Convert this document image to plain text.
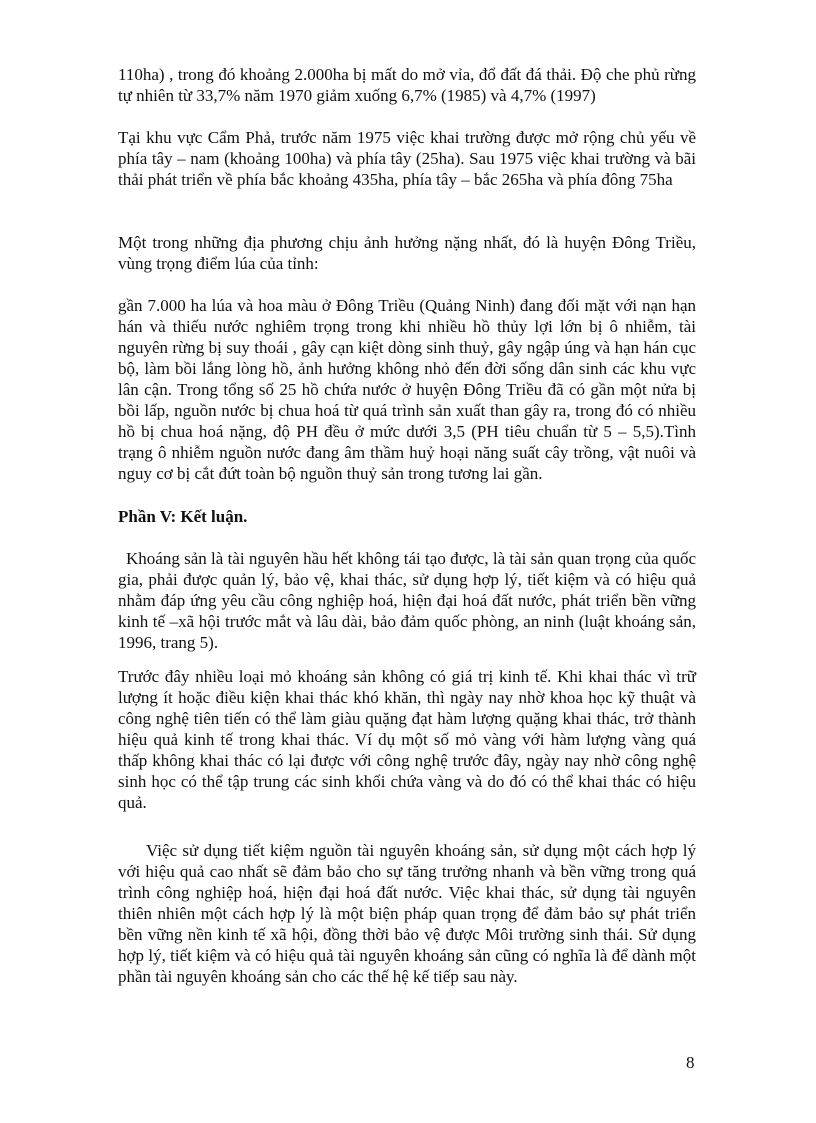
110ha) , trong đó khoảng 2.000ha bị mất do mở vỉa, đổ đất đá thải. Độ che phủ rừng tự nhiên từ 33,7% năm 1970 giảm xuống 6,7% (1985) và 4,7% (1997)

Tại khu vực Cẩm Phả, trước năm 1975 việc khai trường được mở rộng chủ yếu về phía tây – nam (khoảng 100ha) và phía tây (25ha). Sau 1975 việc khai trường và bãi thải phát triển về phía bắc khoảng 435ha, phía tây – bắc 265ha và phía đông 75ha

Một trong những địa phương chịu ảnh hưởng nặng nhất, đó là huyện Đông Triều, vùng trọng điểm lúa của tỉnh:

gần 7.000 ha lúa và hoa màu ở Đông Triều (Quảng Ninh) đang đối mặt với nạn hạn hán và thiếu nước nghiêm trọng trong khi nhiều hồ thủy lợi lớn bị ô nhiễm, tài nguyên rừng bị suy thoái , gây cạn kiệt dòng sinh thuỷ, gây ngập úng và hạn hán cục bộ, làm bồi lắng lòng hồ, ảnh hưởng không nhỏ đến đời sống dân sinh các khu vực lân cận. Trong tổng số 25 hồ chứa nước ở huyện Đông Triều đã có gần một nửa bị bồi lấp, nguồn nước bị chua hoá từ quá trình sản xuất than gây ra, trong đó có nhiều hồ bị chua hoá nặng, độ PH đều ở mức dưới 3,5 (PH tiêu chuẩn từ 5 – 5,5).Tình trạng ô nhiễm nguồn nước đang âm thầm huỷ hoại năng suất cây trồng, vật nuôi và nguy cơ bị cắt đứt toàn bộ nguồn thuỷ sản trong tương lai gần.

Phần V: Kết luận.

Khoáng sản là tài nguyên hầu hết không tái tạo được, là tài sản quan trọng của quốc gia, phải được quản lý, bảo vệ, khai thác, sử dụng hợp lý, tiết kiệm và có hiệu quả nhằm đáp ứng yêu cầu công nghiệp hoá, hiện đại hoá đất nước, phát triển bền vững kinh tế –xã hội trước mắt và lâu dài, bảo đảm quốc phòng, an ninh (luật khoáng sản, 1996, trang 5).

Trước đây nhiều loại mỏ khoáng sản không có giá trị kinh tế. Khi khai thác vì trữ lượng ít hoặc điều kiện khai thác khó khăn, thì ngày nay nhờ khoa học kỹ thuật và công nghệ tiên tiến có thể làm giàu quặng đạt hàm lượng quặng khai thác, trở thành hiệu quả kinh tế trong khai thác. Ví dụ một số mỏ vàng với hàm lượng vàng quá thấp không khai thác có lại được với công nghệ trước đây, ngày nay nhờ công nghệ sinh học có thể tập trung các sinh khối chứa vàng và do đó có thể khai thác có hiệu quả.

Việc sử dụng tiết kiệm nguồn tài nguyên khoáng sản, sử dụng một cách hợp lý với hiệu quả cao nhất sẽ đảm bảo cho sự tăng trưởng nhanh và bền vững trong quá trình công nghiệp hoá, hiện đại hoá đất nước. Việc khai thác, sử dụng tài nguyên thiên nhiên một cách hợp lý là một biện pháp quan trọng để đảm bảo sự phát triển bền vững nền kinh tế xã hội, đồng thời bảo vệ được Môi trường sinh thái. Sử dụng hợp lý, tiết kiệm và có hiệu quả tài nguyên khoáng sản cũng có nghĩa là để dành một phần tài nguyên khoáng sản cho các thế hệ kế tiếp sau này.

8
